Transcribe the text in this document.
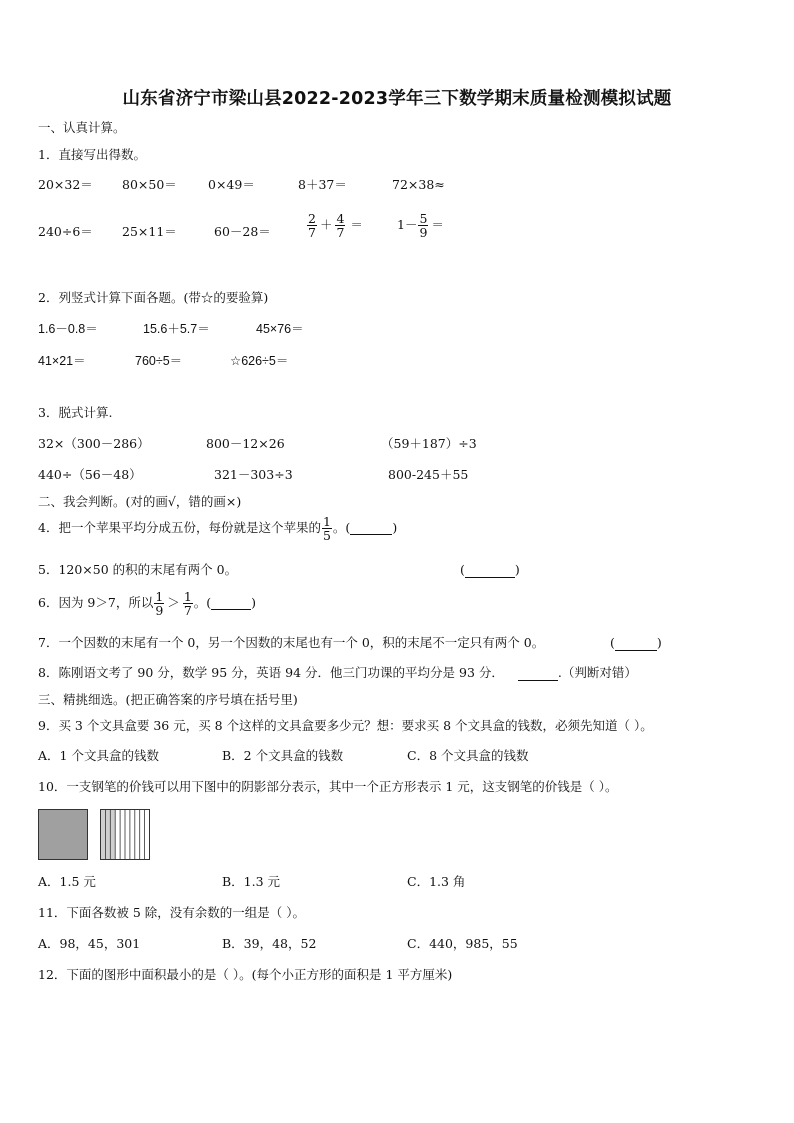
山东省济宁市梁山县2022-2023学年三下数学期末质量检测模拟试题
一、认真计算。
1．直接写出得数。
20×32＝ 80×50＝ 0×49＝	8＋37＝	72×38≈
240÷6＝ 25×11＝	60－28＝	$\frac{2}{7} + \frac{4}{7}$ ＝	$1- \frac{5}{9}$ ＝
2．列竖式计算下面各题。(带☆的要验算)
1.6－0.8＝	15.6＋5.7＝	45×76＝
41×21＝	760÷5＝	☆626÷5＝
3．脱式计算.
32×（300－286）	800－12×26	（59＋187）÷3
440÷（56－48）	321－303÷3	800-245＋55
二、我会判断。(对的画√，错的画×)
4．把一个苹果平均分成五份，每份就是这个苹果的 $\frac{1}{5}$ 。(
	)
5．120×50 的积的末尾有两个 0。	(	)
6．因为 9＞7，所以 $\frac{1}{9} > \frac{1}{7}$ 。(
	)
7．一个因数的末尾有一个 0，另一个因数的末尾也有一个 0，积的末尾不一定只有两个 0。	(	)
8．陈刚语文考了 90 分，数学 95 分，英语 94 分．他三门功课的平均分是 93 分．
	.（判断对错）
三、精挑细选。(把正确答案的序号填在括号里)
9．买 3 个文具盒要 36 元，买 8 个这样的文具盒要多少元？想：要求买 8 个文具盒的钱数，必须先知道（ ）。
A．1 个文具盒的钱数	B．2 个文具盒的钱数	C．8 个文具盒的钱数
10．一支钢笔的价钱可以用下图中的阴影部分表示，其中一个正方形表示 1 元，这支钢笔的价钱是（ ）。
A．1.5 元	B．1.3 元	C．1.3 角
11．下面各数被 5 除，没有余数的一组是（ ）。
A．98，45，301	B．39，48，52	C．440，985，55
12．下面的图形中面积最小的是（ ）。(每个小正方形的面积是 1 平方厘米)
